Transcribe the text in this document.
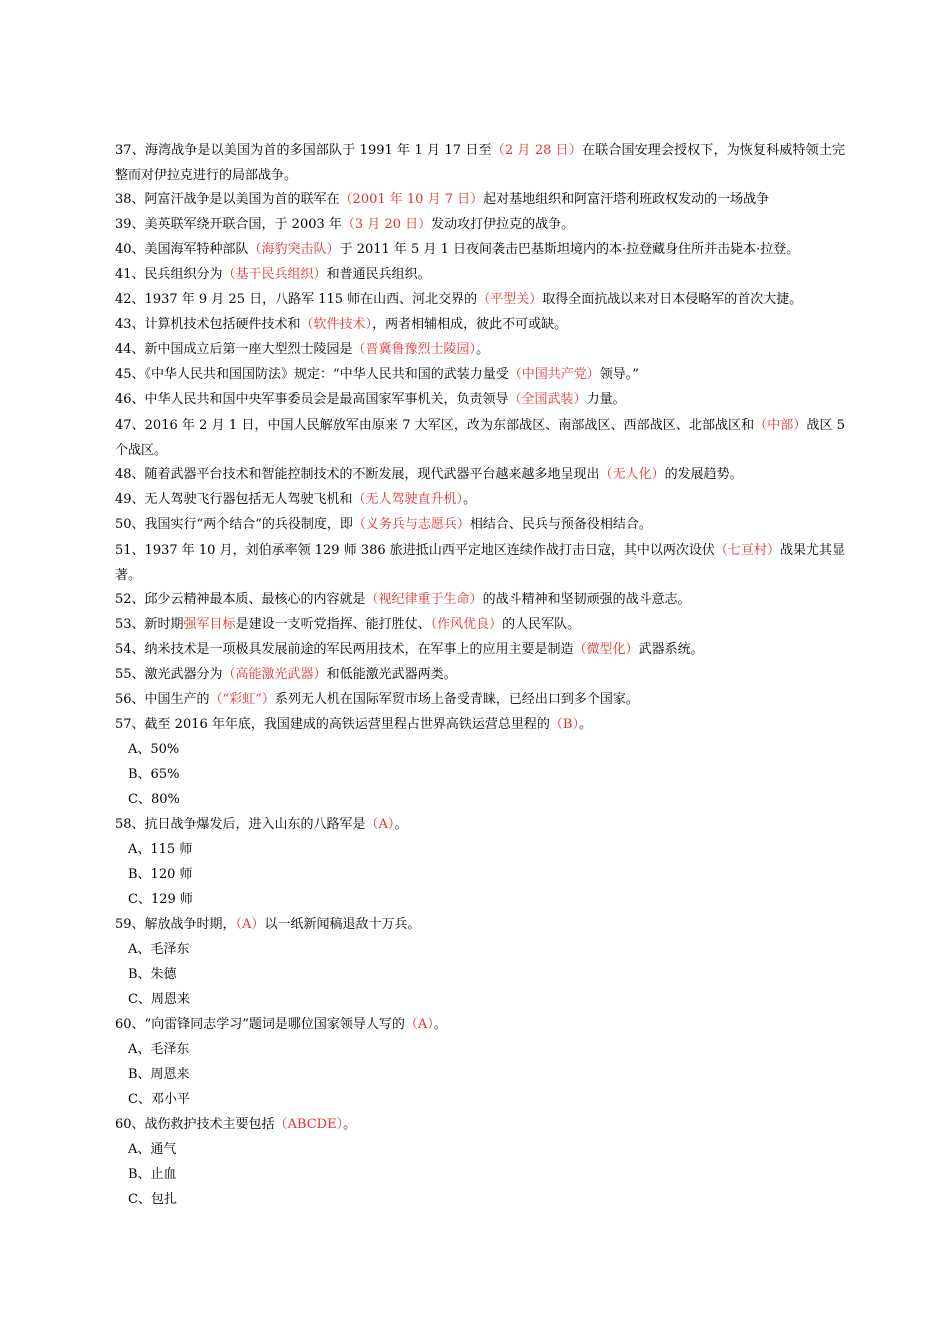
37、海湾战争是以美国为首的多国部队于 1991 年 1 月 17 日至（2 月 28 日）在联合国安理会授权下，为恢复科威特领土完整而对伊拉克进行的局部战争。
38、阿富汗战争是以美国为首的联军在（2001 年 10 月 7 日）起对基地组织和阿富汗塔利班政权发动的一场战争
39、美英联军绕开联合国，于 2003 年（3 月 20 日）发动攻打伊拉克的战争。
40、美国海军特种部队（海豹突击队）于 2011 年 5 月 1 日夜间袭击巴基斯坦境内的本·拉登藏身住所并击毙本·拉登。
41、民兵组织分为（基干民兵组织）和普通民兵组织。
42、1937 年 9 月 25 日，八路军 115 师在山西、河北交界的（平型关）取得全面抗战以来对日本侵略军的首次大捷。
43、计算机技术包括硬件技术和（软件技术），两者相辅相成，彼此不可或缺。
44、新中国成立后第一座大型烈士陵园是（晋冀鲁豫烈士陵园）。
45、《中华人民共和国国防法》规定：“中华人民共和国的武装力量受（中国共产党）领导。”
46、中华人民共和国中央军事委员会是最高国家军事机关，负责领导（全国武装）力量。
47、2016 年 2 月 1 日，中国人民解放军由原来 7 大军区，改为东部战区、南部战区、西部战区、北部战区和（中部）战区 5 个战区。
48、随着武器平台技术和智能控制技术的不断发展，现代武器平台越来越多地呈现出（无人化）的发展趋势。
49、无人驾驶飞行器包括无人驾驶飞机和（无人驾驶直升机）。
50、我国实行“两个结合”的兵役制度，即（义务兵与志愿兵）相结合、民兵与预备役相结合。
51、1937 年 10 月，刘伯承率领 129 师 386 旅进抵山西平定地区连续作战打击日寇，其中以两次设伏（七亘村）战果尤其显著。
52、邱少云精神最本质、最核心的内容就是（视纪律重于生命）的战斗精神和坚韧顽强的战斗意志。
53、新时期强军目标是建设一支听党指挥、能打胜仗、（作风优良）的人民军队。
54、纳米技术是一项极具发展前途的军民两用技术，在军事上的应用主要是制造（微型化）武器系统。
55、激光武器分为（高能激光武器）和低能激光武器两类。
56、中国生产的（“彩虹”）系列无人机在国际军贸市场上备受青睐，已经出口到多个国家。
57、截至 2016 年年底，我国建成的高铁运营里程占世界高铁运营总里程的（B）。
A、50%
B、65%
C、80%
58、抗日战争爆发后，进入山东的八路军是（A）。
A、115 师
B、120 师
C、129 师
59、解放战争时期，（A）以一纸新闻稿退敌十万兵。
A、毛泽东
B、朱德
C、周恩来
60、“向雷锋同志学习”题词是哪位国家领导人写的（A）。
A、毛泽东
B、周恩来
C、邓小平
60、战伤救护技术主要包括（ABCDE）。
A、通气
B、止血
C、包扎
